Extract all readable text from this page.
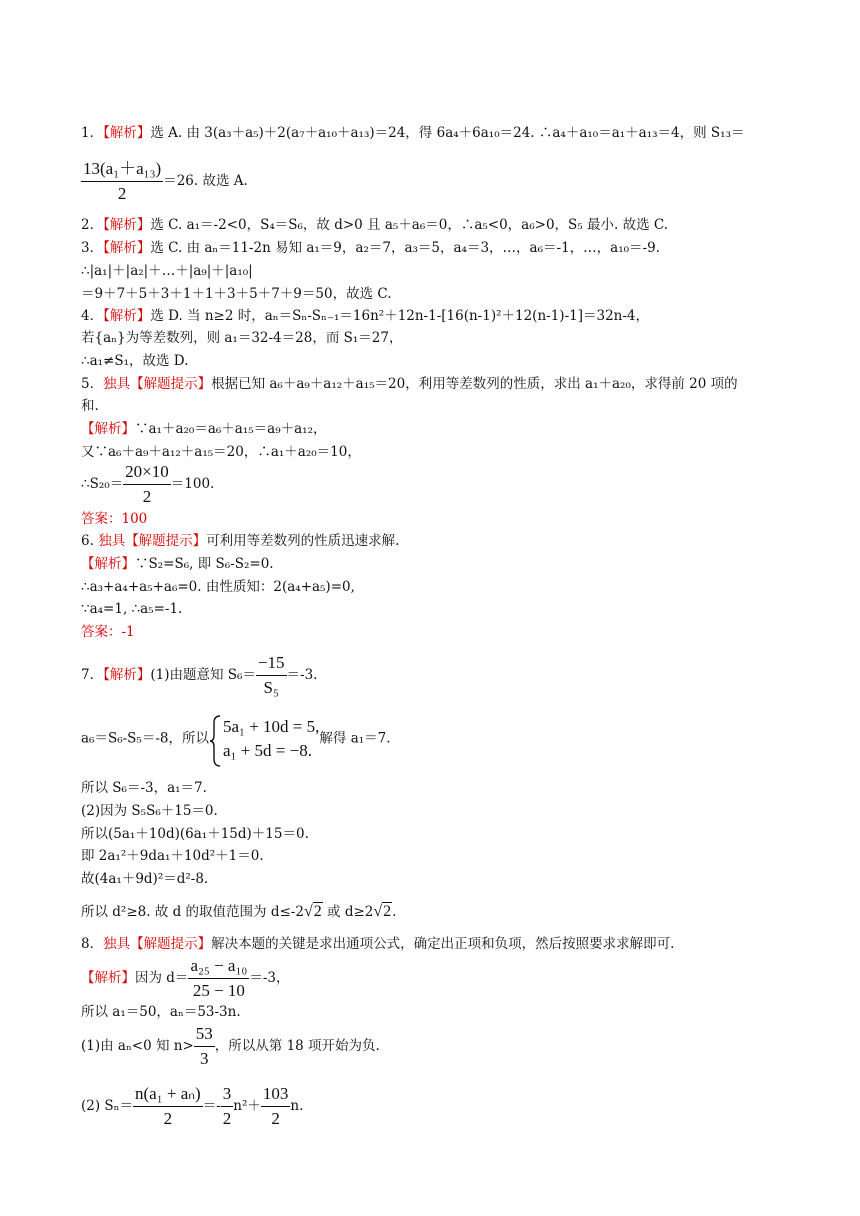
1．【解析】选 A. 由 3(a₃＋a₅)＋2(a₇＋a₁₀＋a₁₃)＝24，得 6a₄＋6a₁₀＝24. ∴a₄＋a₁₀＝a₁＋a₁₃＝4，则 S₁₃＝
$\frac{\text{13(a₁＋a₁₃)}}{2} =26$. 故选 A.
2．【解析】选 C. a₁＝-2<0，S₄＝S₆，故 d>0 且 a₅＋a₆＝0，∴a₅<0，a₆>0，S₅ 最小. 故选 C.
3．【解析】选 C. 由 aₙ＝11-2n 易知 a₁＝9，a₂＝7，a₃＝5，a₄＝3，…，a₆＝-1，…，a₁₀＝-9.
∴|a₁|＋|a₂|＋…＋|a₉|＋|a₁₀|
＝9＋7＋5＋3＋1＋1＋3＋5＋7＋9＝50，故选 C.
4．【解析】选 D. 当 n≥2 时，aₙ＝Sₙ-Sₙ₋₁＝16n²＋12n-1-[16(n-1)²＋12(n-1)-1]＝32n-4，
若{aₙ}为等差数列，则 a₁＝32-4＝28，而 S₁＝27，
∴a₁≠S₁，故选 D.
5．独具【解题提示】根据已知 a₆＋a₉＋a₁₂＋a₁₅＝20，利用等差数列的性质，求出 a₁＋a₂₀，求得前 20 项的
和.
【解析】∵a₁＋a₂₀＝a₆＋a₁₅＝a₉＋a₁₂，
又∵a₆＋a₉＋a₁₂＋a₁₅＝20，∴a₁＋a₂₀＝10，
∴S₂₀＝ $\frac{20\times 10}{2} =100$.
答案：100
6. 独具【解题提示】可利用等差数列的性质迅速求解.
【解析】∵S₂=S₆, 即 S₆-S₂=0.
∴a₃+a₄+a₅+a₆=0. 由性质知：2(a₄+a₅)=0,
∵a₄=1, ∴a₅=-1.
答案：-1
7．【解析】(1)由题意知 $S_6= \frac{-15}{\text{S₅}} =-3$.
a₆＝S₆-S₅＝-8，所以
5a₁ + 10d = 5,
a₁ + 5d = −8.
解得 a₁＝7.
所以 S₆＝-3，a₁＝7.
(2)因为 S₅S₆＋15＝0.
所以(5a₁＋10d)(6a₁＋15d)＋15＝0.
即 2a₁²＋9da₁＋10d²＋1＝0.
故(4a₁＋9d)²＝d²-8.
所以 d²≥8. 故 d 的取值范围为 d≤-2√2 或 d≥2√2.
8．独具【解题提示】解决本题的关键是求出通项公式，确定出正项和负项，然后按照要求求解即可.
【解析】因为 $d= \frac{\text{a₂₅ − a₁₀}}{25 - 10} =-3$，
所以 a₁＝50，aₙ＝53-3n.
(1)由 aₙ<0 知 $n> \frac{53}{3}$ ，所以从第 18 项开始为负.
(2) $S_n= \frac{\text{n(a₁ + aₙ)}}{2} =- \frac{3}{2} n^2+ \frac{103}{2} n$.
